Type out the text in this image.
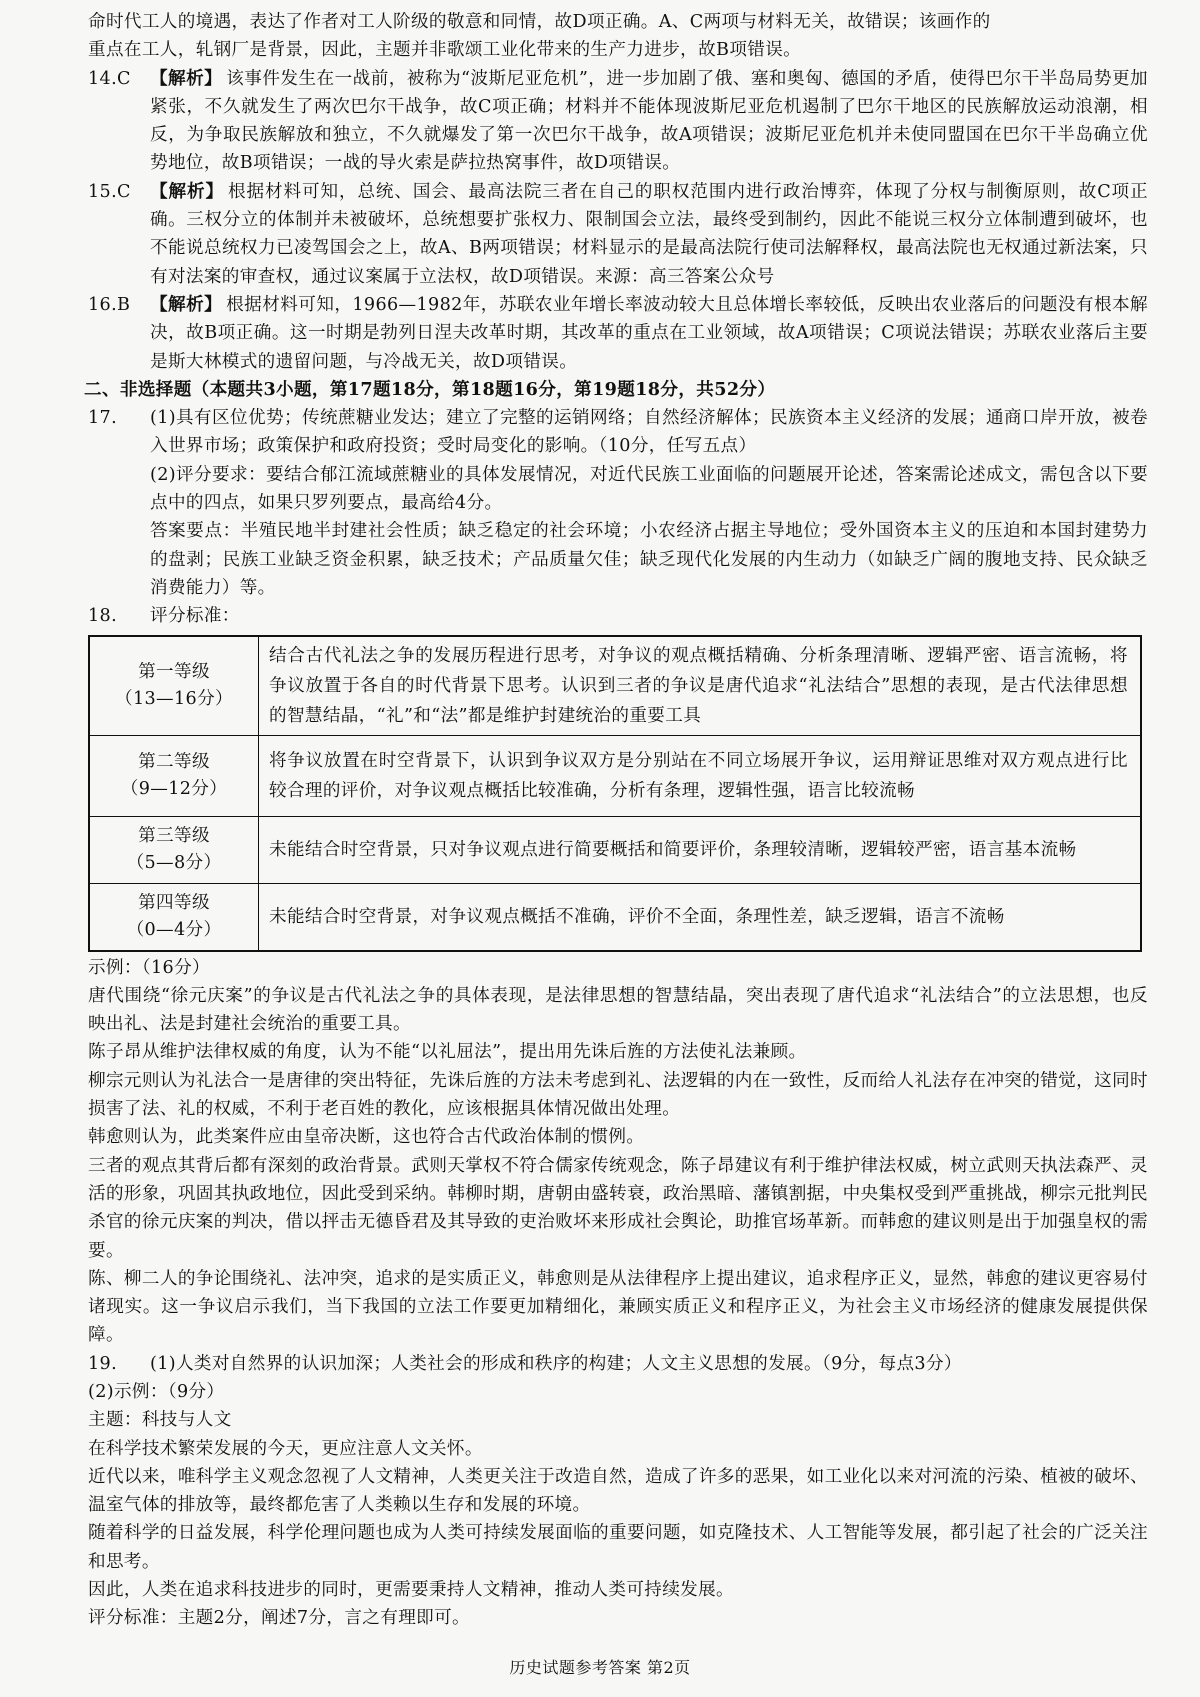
命时代工人的境遇，表达了作者对工人阶级的敬意和同情，故D项正确。A、C两项与材料无关，故错误；该画作的

重点在工人，轧钢厂是背景，因此，主题并非歌颂工业化带来的生产力进步，故B项错误。

14.C	【解析】 该事件发生在一战前，被称为“波斯尼亚危机”，进一步加剧了俄、塞和奥匈、德国的矛盾，使得巴尔干半岛局势更加紧张，不久就发生了两次巴尔干战争，故C项正确；材料并不能体现波斯尼亚危机遏制了巴尔干地区的民族解放运动浪潮，相反，为争取民族解放和独立，不久就爆发了第一次巴尔干战争，故A项错误；波斯尼亚危机并未使同盟国在巴尔干半岛确立优势地位，故B项错误；一战的导火索是萨拉热窝事件，故D项错误。
15.C	【解析】 根据材料可知，总统、国会、最高法院三者在自己的职权范围内进行政治博弈，体现了分权与制衡原则，故C项正确。三权分立的体制并未被破坏，总统想要扩张权力、限制国会立法，最终受到制约，因此不能说三权分立体制遭到破坏，也不能说总统权力已凌驾国会之上，故A、B两项错误；材料显示的是最高法院行使司法解释权，最高法院也无权通过新法案，只有对法案的审查权，通过议案属于立法权，故D项错误。来源：高三答案公众号
16.B	【解析】 根据材料可知，1966—1982年，苏联农业年增长率波动较大且总体增长率较低，反映出农业落后的问题没有根本解决，故B项正确。这一时期是勃列日涅夫改革时期，其改革的重点在工业领域，故A项错误；C项说法错误；苏联农业落后主要是斯大林模式的遗留问题，与冷战无关，故D项错误。

二、非选择题（本题共3小题，第17题18分，第18题16分，第19题18分，共52分）

17.	(1)具有区位优势；传统蔗糖业发达；建立了完整的运销网络；自然经济解体；民族资本主义经济的发展；通商口岸开放，被卷入世界市场；政策保护和政府投资；受时局变化的影响。（10分，任写五点）

(2)评分要求：要结合郁江流域蔗糖业的具体发展情况，对近代民族工业面临的问题展开论述，答案需论述成文，需包含以下要点中的四点，如果只罗列要点，最高给4分。

答案要点：半殖民地半封建社会性质；缺乏稳定的社会环境；小农经济占据主导地位；受外国资本主义的压迫和本国封建势力的盘剥；民族工业缺乏资金积累，缺乏技术；产品质量欠佳；缺乏现代化发展的内生动力（如缺乏广阔的腹地支持、民众缺乏消费能力）等。

18.	评分标准：

第一等级
（13—16分）	结合古代礼法之争的发展历程进行思考，对争议的观点概括精确、分析条理清晰、逻辑严密、语言流畅，将争议放置于各自的时代背景下思考。认识到三者的争议是唐代追求“礼法结合”思想的表现，是古代法律思想的智慧结晶，“礼”和“法”都是维护封建统治的重要工具

第二等级
（9—12分）	将争议放置在时空背景下，认识到争议双方是分别站在不同立场展开争议，运用辩证思维对双方观点进行比较合理的评价，对争议观点概括比较准确，分析有条理，逻辑性强，语言比较流畅

第三等级
（5—8分）	未能结合时空背景，只对争议观点进行简要概括和简要评价，条理较清晰，逻辑较严密，语言基本流畅

第四等级
（0—4分）	未能结合时空背景，对争议观点概括不准确，评价不全面，条理性差，缺乏逻辑，语言不流畅

示例：（16分）

唐代围绕“徐元庆案”的争议是古代礼法之争的具体表现，是法律思想的智慧结晶，突出表现了唐代追求“礼法结合”的立法思想，也反映出礼、法是封建社会统治的重要工具。

陈子昂从维护法律权威的角度，认为不能“以礼屈法”，提出用先诛后旌的方法使礼法兼顾。

柳宗元则认为礼法合一是唐律的突出特征，先诛后旌的方法未考虑到礼、法逻辑的内在一致性，反而给人礼法存在冲突的错觉，这同时损害了法、礼的权威，不利于老百姓的教化，应该根据具体情况做出处理。

韩愈则认为，此类案件应由皇帝决断，这也符合古代政治体制的惯例。

三者的观点其背后都有深刻的政治背景。武则天掌权不符合儒家传统观念，陈子昂建议有利于维护律法权威，树立武则天执法森严、灵活的形象，巩固其执政地位，因此受到采纳。韩柳时期，唐朝由盛转衰，政治黑暗、藩镇割据，中央集权受到严重挑战，柳宗元批判民杀官的徐元庆案的判决，借以抨击无德昏君及其导致的吏治败坏来形成社会舆论，助推官场革新。而韩愈的建议则是出于加强皇权的需要。

陈、柳二人的争论围绕礼、法冲突，追求的是实质正义，韩愈则是从法律程序上提出建议，追求程序正义，显然，韩愈的建议更容易付诸现实。这一争议启示我们，当下我国的立法工作要更加精细化，兼顾实质正义和程序正义，为社会主义市场经济的健康发展提供保障。

19.	(1)人类对自然界的认识加深；人类社会的形成和秩序的构建；人文主义思想的发展。（9分，每点3分）

(2)示例：（9分）

主题：科技与人文

在科学技术繁荣发展的今天，更应注意人文关怀。

近代以来，唯科学主义观念忽视了人文精神，人类更关注于改造自然，造成了许多的恶果，如工业化以来对河流的污染、植被的破坏、温室气体的排放等，最终都危害了人类赖以生存和发展的环境。

随着科学的日益发展，科学伦理问题也成为人类可持续发展面临的重要问题，如克隆技术、人工智能等发展，都引起了社会的广泛关注和思考。

因此，人类在追求科技进步的同时，更需要秉持人文精神，推动人类可持续发展。

评分标准：主题2分，阐述7分，言之有理即可。

历史试题参考答案 第2页
